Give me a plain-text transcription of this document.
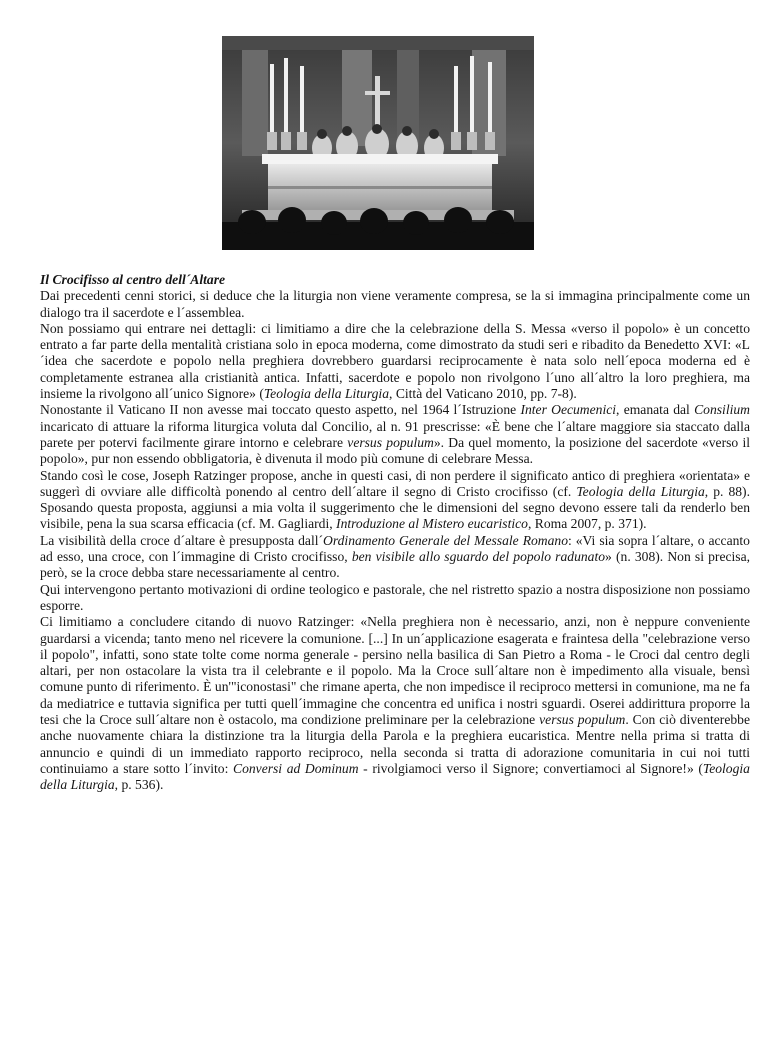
Il Crocifisso al centro dell´Altare

Dai precedenti cenni storici, si deduce che la liturgia non viene veramente compresa, se la si immagina principalmente come un dialogo tra il sacerdote e l´assemblea.

Non possiamo qui entrare nei dettagli: ci limitiamo a dire che la celebrazione della S. Messa «verso il popolo» è un concetto entrato a far parte della mentalità cristiana solo in epoca moderna, come dimostrato da studi seri e ribadito da Benedetto XVI: «L´idea che sacerdote e popolo nella preghiera dovrebbero guardarsi reciprocamente è nata solo nell´epoca moderna ed è completamente estranea alla cristianità antica. Infatti, sacerdote e popolo non rivolgono l´uno all´altro la loro preghiera, ma insieme la rivolgono all´unico Signore» (Teologia della Liturgia, Città del Vaticano 2010, pp. 7-8).

Nonostante il Vaticano II non avesse mai toccato questo aspetto, nel 1964 l´Istruzione Inter Oecumenici, emanata dal Consilium incaricato di attuare la riforma liturgica voluta dal Concilio, al n. 91 prescrisse: «È bene che l´altare maggiore sia staccato dalla parete per potervi facilmente girare intorno e celebrare versus populum». Da quel momento, la posizione del sacerdote «verso il popolo», pur non essendo obbligatoria, è divenuta il modo più comune di celebrare Messa.

Stando così le cose, Joseph Ratzinger propose, anche in questi casi, di non perdere il significato antico di preghiera «orientata» e suggerì di ovviare alle difficoltà ponendo al centro dell´altare il segno di Cristo crocifisso (cf. Teologia della Liturgia, p. 88). Sposando questa proposta, aggiunsi a mia volta il suggerimento che le dimensioni del segno devono essere tali da renderlo ben visibile, pena la sua scarsa efficacia (cf. M. Gagliardi, Introduzione al Mistero eucaristico, Roma 2007, p. 371).

La visibilità della croce d´altare è presupposta dall´Ordinamento Generale del Messale Romano: «Vi sia sopra l´altare, o accanto ad esso, una croce, con l´immagine di Cristo crocifisso, ben visibile allo sguardo del popolo radunato» (n. 308). Non si precisa, però, se la croce debba stare necessariamente al centro.

Qui intervengono pertanto motivazioni di ordine teologico e pastorale, che nel ristretto spazio a nostra disposizione non possiamo esporre.

Ci limitiamo a concludere citando di nuovo Ratzinger: «Nella preghiera non è necessario, anzi, non è neppure conveniente guardarsi a vicenda; tanto meno nel ricevere la comunione. [...] In un´applicazione esagerata e fraintesa della "celebrazione verso il popolo", infatti, sono state tolte come norma generale - persino nella basilica di San Pietro a Roma - le Croci dal centro degli altari, per non ostacolare la vista tra il celebrante e il popolo. Ma la Croce sull´altare non è impedimento alla visuale, bensì comune punto di riferimento. È un'"iconostasi" che rimane aperta, che non impedisce il reciproco mettersi in comunione, ma ne fa da mediatrice e tuttavia significa per tutti quell´immagine che concentra ed unifica i nostri sguardi. Oserei addirittura proporre la tesi che la Croce sull´altare non è ostacolo, ma condizione preliminare per la celebrazione versus populum. Con ciò diventerebbe anche nuovamente chiara la distinzione tra la liturgia della Parola e la preghiera eucaristica. Mentre nella prima si tratta di annuncio e quindi di un immediato rapporto reciproco, nella seconda si tratta di adorazione comunitaria in cui noi tutti continuiamo a stare sotto l´invito: Conversi ad Dominum - rivolgiamoci verso il Signore; convertiamoci al Signore!» (Teologia della Liturgia, p. 536).
